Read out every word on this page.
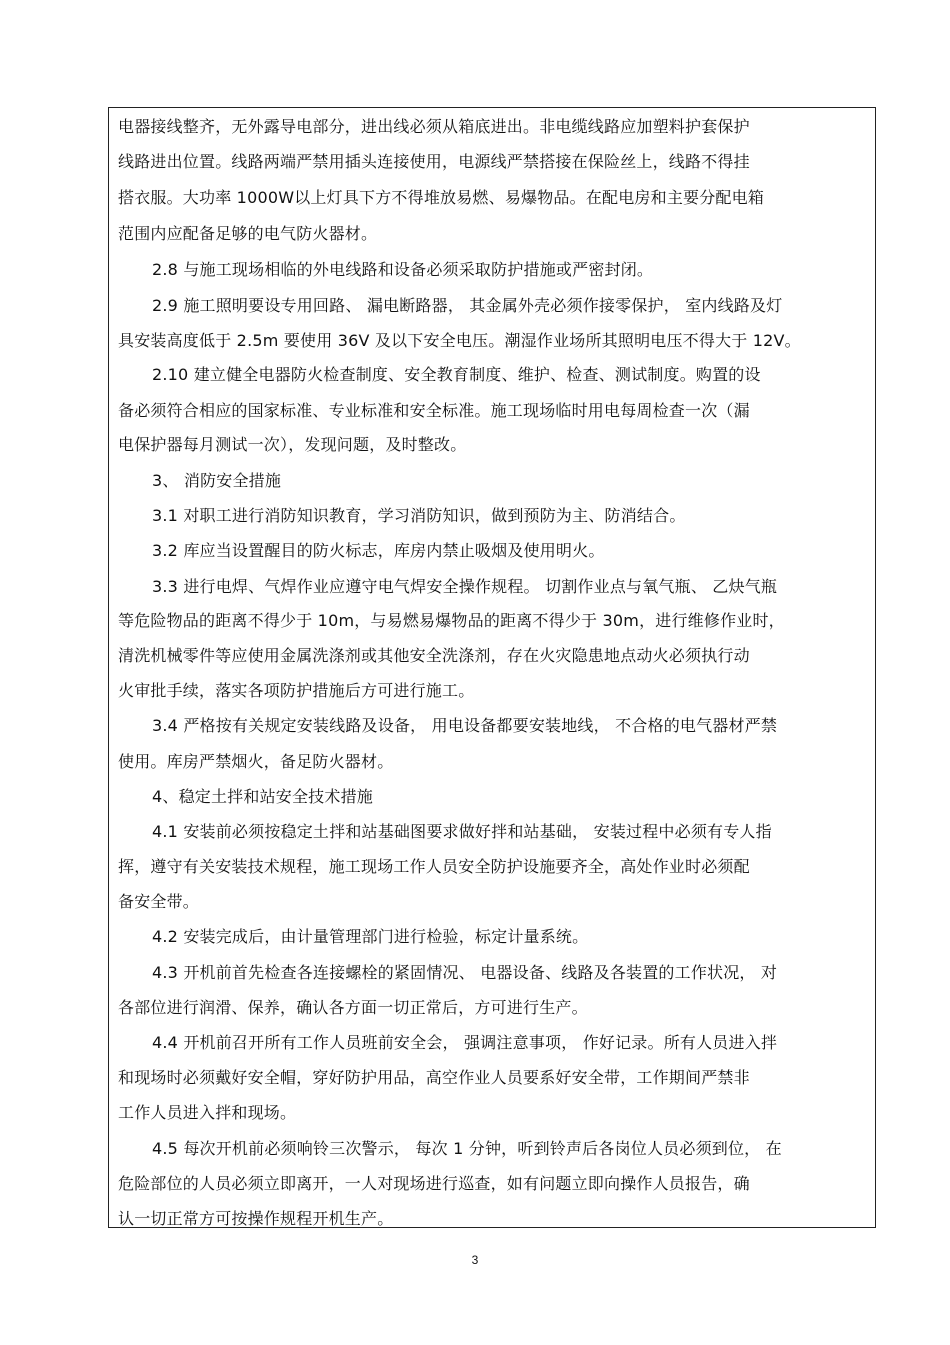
电器接线整齐，无外露导电部分，进出线必须从箱底进出。非电缆线路应加塑料护套保护
线路进出位置。线路两端严禁用插头连接使用，电源线严禁搭接在保险丝上，线路不得挂
搭衣服。大功率 1000W以上灯具下方不得堆放易燃、易爆物品。在配电房和主要分配电箱
范围内应配备足够的电气防火器材。
2.8 与施工现场相临的外电线路和设备必须采取防护措施或严密封闭。
2.9 施工照明要设专用回路、 漏电断路器， 其金属外壳必须作接零保护， 室内线路及灯
具安装高度低于 2.5m 要使用 36V 及以下安全电压。潮湿作业场所其照明电压不得大于 12V。
2.10 建立健全电器防火检查制度、安全教育制度、维护、检查、测试制度。购置的设
备必须符合相应的国家标准、专业标准和安全标准。施工现场临时用电每周检查一次（漏
电保护器每月测试一次），发现问题，及时整改。
3、 消防安全措施
3.1 对职工进行消防知识教育，学习消防知识，做到预防为主、防消结合。
3.2 库应当设置醒目的防火标志，库房内禁止吸烟及使用明火。
3.3 进行电焊、气焊作业应遵守电气焊安全操作规程。 切割作业点与氧气瓶、 乙炔气瓶
等危险物品的距离不得少于 10m，与易燃易爆物品的距离不得少于 30m，进行维修作业时，
清洗机械零件等应使用金属洗涤剂或其他安全洗涤剂，存在火灾隐患地点动火必须执行动
火审批手续，落实各项防护措施后方可进行施工。
3.4 严格按有关规定安装线路及设备， 用电设备都要安装地线， 不合格的电气器材严禁
使用。库房严禁烟火，备足防火器材。
4、稳定土拌和站安全技术措施
4.1 安装前必须按稳定土拌和站基础图要求做好拌和站基础， 安装过程中必须有专人指
挥，遵守有关安装技术规程，施工现场工作人员安全防护设施要齐全，高处作业时必须配
备安全带。
4.2 安装完成后，由计量管理部门进行检验，标定计量系统。
4.3 开机前首先检查各连接螺栓的紧固情况、 电器设备、线路及各装置的工作状况， 对
各部位进行润滑、保养，确认各方面一切正常后，方可进行生产。
4.4 开机前召开所有工作人员班前安全会， 强调注意事项， 作好记录。所有人员进入拌
和现场时必须戴好安全帽，穿好防护用品，高空作业人员要系好安全带，工作期间严禁非
工作人员进入拌和现场。
4.5 每次开机前必须响铃三次警示， 每次 1 分钟，听到铃声后各岗位人员必须到位， 在
危险部位的人员必须立即离开，一人对现场进行巡查，如有问题立即向操作人员报告，确
认一切正常方可按操作规程开机生产。
3
